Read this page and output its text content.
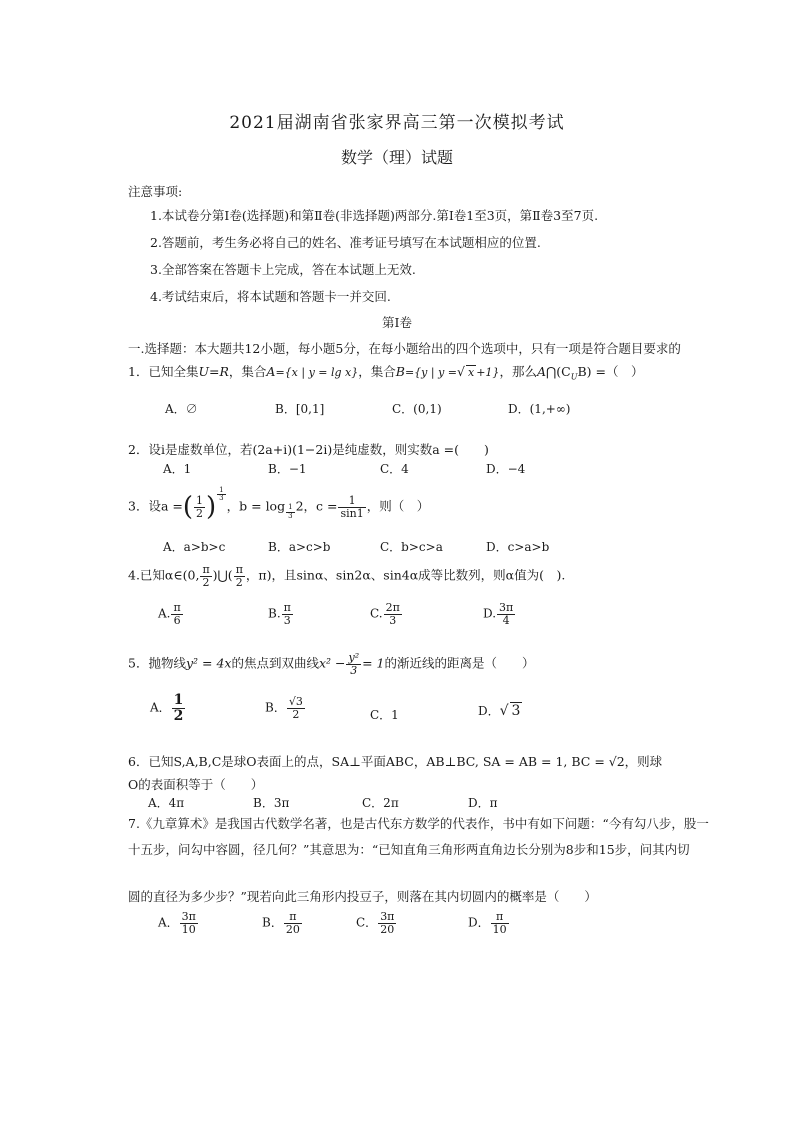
2021届湖南省张家界高三第一次模拟考试
数学（理）试题
注意事项:
1.本试卷分第Ⅰ卷(选择题)和第Ⅱ卷(非选择题)两部分.第Ⅰ卷1至3页，第Ⅱ卷3至7页.
2.答题前，考生务必将自己的姓名、准考证号填写在本试题相应的位置.
3.全部答案在答题卡上完成，答在本试题上无效.
4.考试结束后，将本试题和答题卡一并交回.
第Ⅰ卷
一.选择题：本大题共12小题，每小题5分，在每小题给出的四个选项中，只有一项是符合题目要求的
1．已知全集U=R，集合A={x | y = lg x}，集合B={y | y =√ x +1}，那么$A⋂(C_UB)$ =（　）
A．∅	B．[0,1]	C．(0,1)	D．(1,+∞)
2．设i是虚数单位，若(2a+i)(1−2i)是纯虚数，则实数a =(　　)
A．1	B．−1	C．4	D．−4
3．设a =( $\frac{1}{2}$ ) $^{\frac{1}{3}}$
，b = log $_{\frac{1}{3}}$ 2，$c = \frac{1}{\sin 1}$ ，则（　）
A．a>b>c	B．a>c>b	C．b>c>a	D．c>a>b
4.已知α∈(0, $\frac{\pi}{2}$ )⋃( $\frac{\pi}{2}$ ，π)，且sinα、sin2α、sin4α成等比数列，则α值为(　).
A. $\frac{\pi}{6}$	B. $\frac{\pi}{3}$	C. $\frac{2\pi}{3}$	D. $\frac{3\pi}{4}$
5．抛物线y² = 4x的焦点到双曲线$x^2 - \frac{\text{y²}}{3} = 1$的渐近线的距离是（　　）
A． $\frac{1}{2}$	B． $\frac{√3}{2}$	C．1	D．√ 3
6．已知S,A,B,C是球O表面上的点，SA⊥平面ABC，AB⊥BC, SA = AB = 1, BC = √2，则球
O的表面积等于（　　）
A．4π	B．3π	C．2π	D．π
7.《九章算术》是我国古代数学名著，也是古代东方数学的代表作，书中有如下问题：“今有勾八步，股一
十五步，问勾中容圆，径几何？”其意思为：“已知直角三角形两直角边长分别为8步和15步，问其内切
圆的直径为多少步？”现若向此三角形内投豆子，则落在其内切圆内的概率是（　　）
A． $\frac{3\pi}{10}$	B． $\frac{\pi}{20}$	C． $\frac{3\pi}{20}$	D． $\frac{\pi}{10}$
